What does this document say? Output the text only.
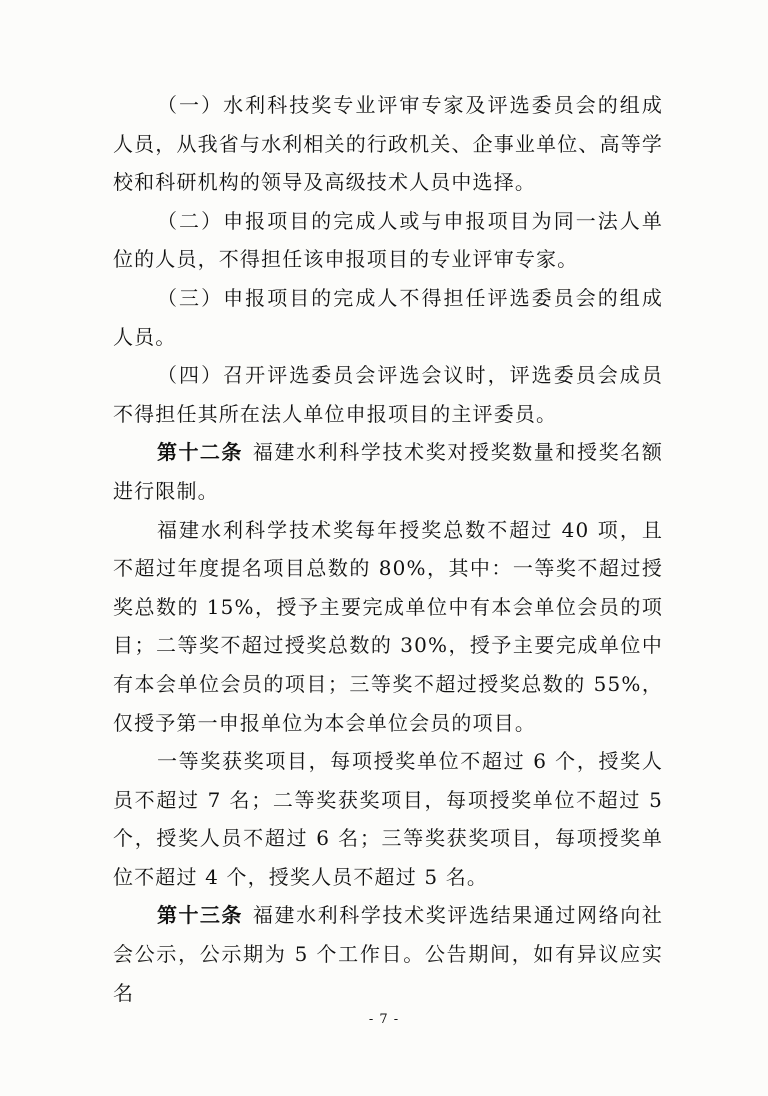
（一）水利科技奖专业评审专家及评选委员会的组成人员，从我省与水利相关的行政机关、企事业单位、高等学校和科研机构的领导及高级技术人员中选择。

（二）申报项目的完成人或与申报项目为同一法人单位的人员，不得担任该申报项目的专业评审专家。

（三）申报项目的完成人不得担任评选委员会的组成人员。

（四）召开评选委员会评选会议时，评选委员会成员不得担任其所在法人单位申报项目的主评委员。

第十二条 福建水利科学技术奖对授奖数量和授奖名额进行限制。

福建水利科学技术奖每年授奖总数不超过 40 项，且不超过年度提名项目总数的 80%，其中：一等奖不超过授奖总数的 15%，授予主要完成单位中有本会单位会员的项目；二等奖不超过授奖总数的 30%，授予主要完成单位中有本会单位会员的项目；三等奖不超过授奖总数的 55%，仅授予第一申报单位为本会单位会员的项目。

一等奖获奖项目，每项授奖单位不超过 6 个，授奖人员不超过 7 名；二等奖获奖项目，每项授奖单位不超过 5 个，授奖人员不超过 6 名；三等奖获奖项目，每项授奖单位不超过 4 个，授奖人员不超过 5 名。

第十三条 福建水利科学技术奖评选结果通过网络向社会公示，公示期为 5 个工作日。公告期间，如有异议应实名

- 7 -
